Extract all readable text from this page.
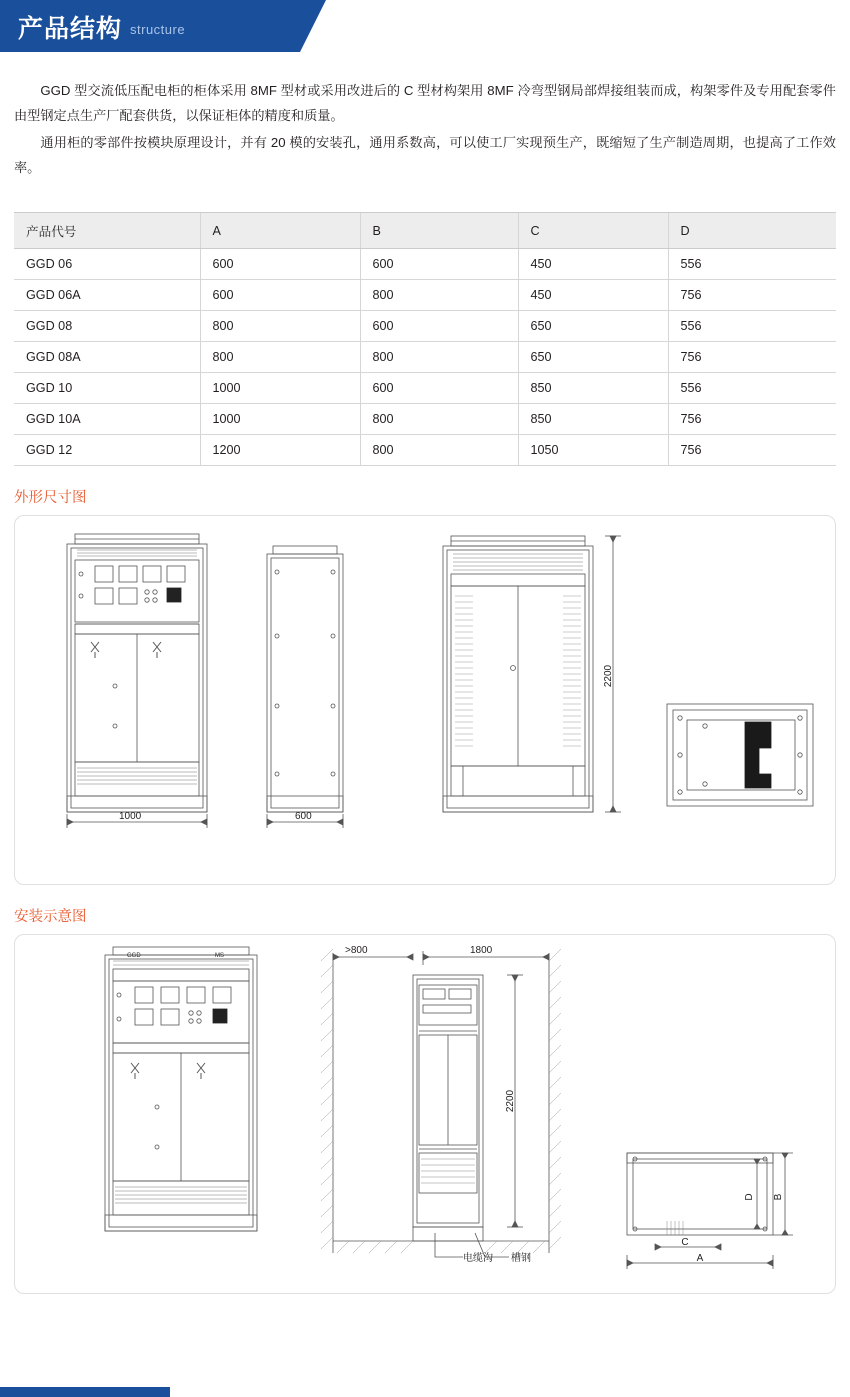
产品结构 structure

GGD 型交流低压配电柜的柜体采用 8MF 型材或采用改进后的 C 型材构架用 8MF 冷弯型钢局部焊接组装而成，构架零件及专用配套零件由型钢定点生产厂配套供货，以保证柜体的精度和质量。

通用柜的零部件按模块原理设计，并有 20 模的安装孔，通用系数高，可以使工厂实现预生产，既缩短了生产制造周期，也提高了工作效率。

产品代号	A	B	C	D
GGD 06	600	600	450	556
GGD 06A	600	800	450	756
GGD 08	800	600	650	556
GGD 08A	800	800	650	756
GGD 10	1000	600	850	556
GGD 10A	1000	800	850	756
GGD 12	1200	800	1050	756
外形尺寸图
1000	600
2200
安装示意图
>800	1800
2200
电缆沟 槽钢
D B
C
A
GGD	MS
